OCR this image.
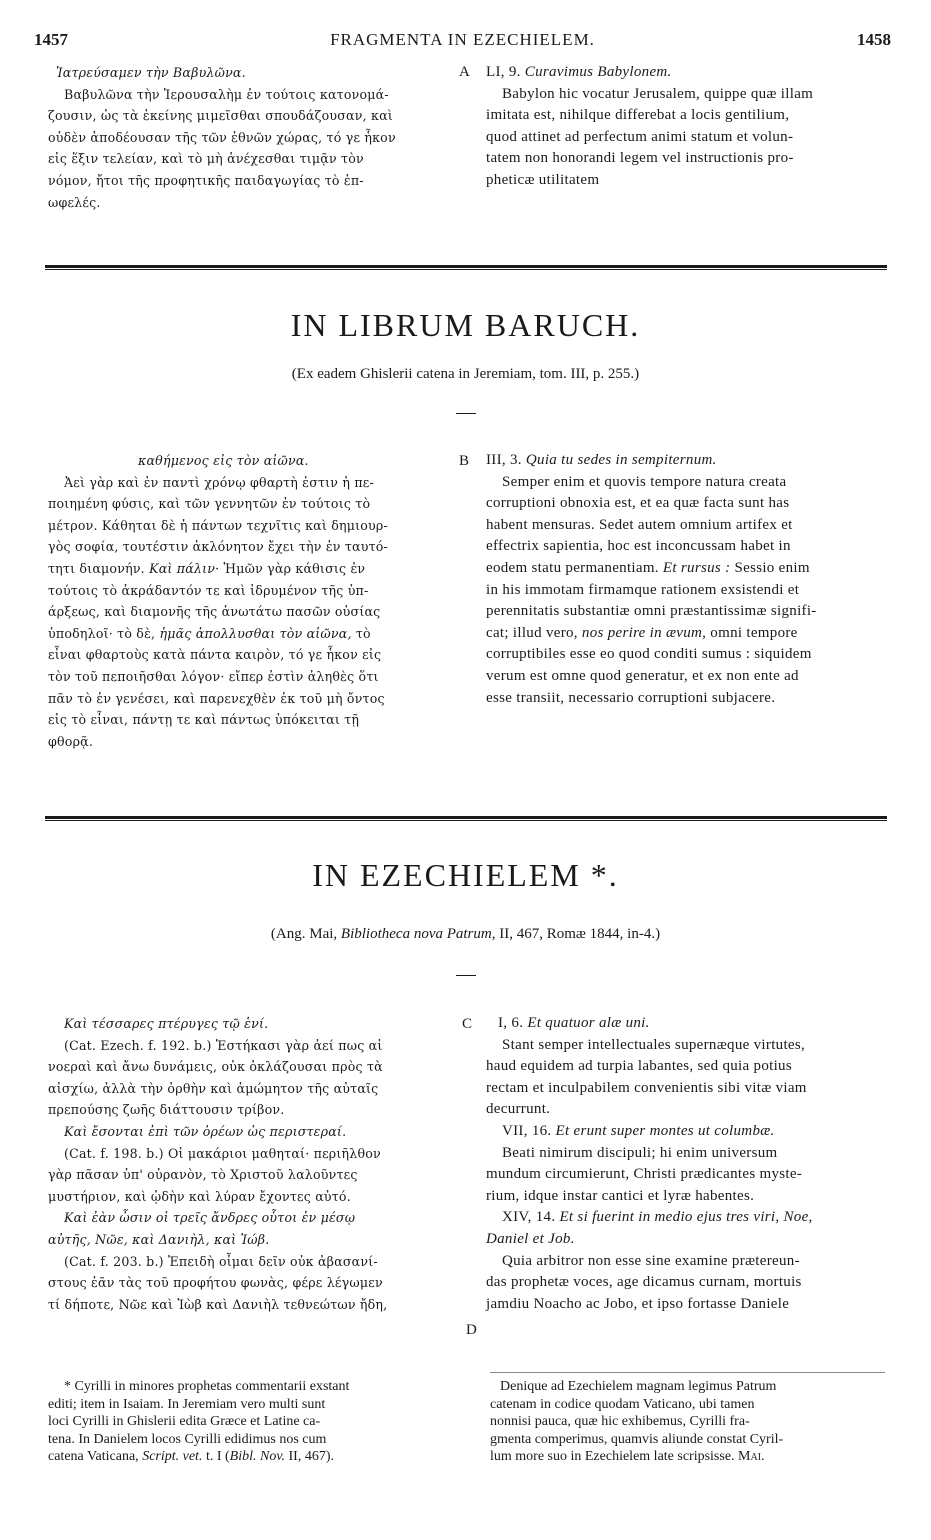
1457	FRAGMENTA IN EZECHIELEM.	1458

Ἰατρεύσαμεν τὴν Βαβυλῶνα.

Βαβυλῶνα τὴν Ἱερουσαλὴμ ἐν τούτοις κατονομά-

ζουσιν, ὡς τὰ ἐκείνης μιμεῖσθαι σπουδάζουσαν, καὶ

οὐδὲν ἀποδέουσαν τῆς τῶν ἐθνῶν χώρας, τό γε ἧκον

εἰς ἕξιν τελείαν, καὶ τὸ μὴ ἀνέχεσθαι τιμᾷν τὸν

νόμον, ἤτοι τῆς προφητικῆς παιδαγωγίας τὸ ἐπ-

ωφελές.

A LI, 9. Curavimus Babylonem.

Babylon hic vocatur Jerusalem, quippe quæ illam

imitata est, nihilque differebat a locis gentilium,

quod attinet ad perfectum animi statum et volun-

tatem non honorandi legem vel instructionis pro-

pheticæ utilitatem

IN LIBRUM BARUCH.
(Ex eadem Ghislerii catena in Jeremiam, tom. III, p. 255.)

καθήμενος εἰς τὸν αἰῶνα.

Ἀεὶ γὰρ καὶ ἐν παντὶ χρόνῳ φθαρτὴ ἐστιν ἡ πε-

ποιημένη φύσις, καὶ τῶν γεννητῶν ἐν τούτοις τὸ

μέτρον. Κάθηται δὲ ἡ πάντων τεχνῖτις καὶ δημιουρ-

γὸς σοφία, τουτέστιν ἀκλόνητον ἔχει τὴν ἐν ταυτό-

τητι διαμονήν. Καὶ πάλιν· Ἡμῶν γὰρ κάθισις ἐν

τούτοις τὸ ἀκράδαντόν τε καὶ ἱδρυμένον τῆς ὑπ-

άρξεως, καὶ διαμονῆς τῆς ἀνωτάτω πασῶν οὐσίας

ὑποδηλοῖ· τὸ δὲ, ἡμᾶς ἀπολλυσθαι τὸν αἰῶνα, τὸ

εἶναι φθαρτοὺς κατὰ πάντα καιρὸν, τό γε ἧκον εἰς

τὸν τοῦ πεποιῆσθαι λόγον· εἴπερ ἐστὶν ἀληθὲς ὅτι

πᾶν τὸ ἐν γενέσει, καὶ παρενεχθὲν ἐκ τοῦ μὴ ὄντος

εἰς τὸ εἶναι, πάντῃ τε καὶ πάντως ὑπόκειται τῇ

φθορᾷ.

B III, 3. Quia tu sedes in sempiternum.

Semper enim et quovis tempore natura creata

corruptioni obnoxia est, et ea quæ facta sunt has

habent mensuras. Sedet autem omnium artifex et

effectrix sapientia, hoc est inconcussam habet in

eodem statu permanentiam. Et rursus : Sessio enim

in his immotam firmamque rationem exsistendi et

perennitatis substantiæ omni præstantissimæ signifi-

cat; illud vero, nos perire in ævum, omni tempore

corruptibiles esse eo quod conditi sumus : siquidem

verum est omne quod generatur, et ex non ente ad

esse transiit, necessario corruptioni subjacere.

IN EZECHIELEM *.
(Ang. Mai, Bibliotheca nova Patrum, II, 467, Romæ 1844, in-4.)

Καὶ τέσσαρες πτέρυγες τῷ ἑνί.

(Cat. Ezech. f. 192. b.) Ἑστήκασι γὰρ ἀεί πως αἱ

νοεραὶ καὶ ἄνω δυνάμεις, οὐκ ὀκλάζουσαι πρὸς τὰ

αἰσχίω, ἀλλὰ τὴν ὀρθὴν καὶ ἀμώμητον τῆς αὐταῖς

πρεπούσης ζωῆς διάττουσιν τρίβον.

Καὶ ἔσονται ἐπὶ τῶν ὀρέων ὡς περιστεραί.

(Cat. f. 198. b.) Οἱ μακάριοι μαθηταί· περιῆλθον

γὰρ πᾶσαν ὑπ' οὐρανὸν, τὸ Χριστοῦ λαλοῦντες

μυστήριον, καὶ ᾠδὴν καὶ λύραν ἔχοντες αὐτό.

Καὶ ἐὰν ὦσιν οἱ τρεῖς ἄνδρες οὗτοι ἐν μέσῳ

αὐτῆς, Νῶε, καὶ Δανιὴλ, καὶ Ἰώβ.

(Cat. f. 203. b.) Ἐπειδὴ οἶμαι δεῖν οὐκ ἀβασανί-

στους ἐᾶν τὰς τοῦ προφήτου φωνὰς, φέρε λέγωμεν

τί δήποτε, Νῶε καὶ Ἰὼβ καὶ Δανιὴλ τεθνεώτων ἤδη,

C
D

I, 6. Et quatuor alæ uni.

Stant semper intellectuales supernæque virtutes,

haud equidem ad turpia labantes, sed quia potius

rectam et inculpabilem convenientis sibi vitæ viam

decurrunt.

VII, 16. Et erunt super montes ut columbæ.

Beati nimirum discipuli; hi enim universum

mundum circumierunt, Christi prædicantes myste-

rium, idque instar cantici et lyræ habentes.

XIV, 14. Et si fuerint in medio ejus tres viri, Noe,

Daniel et Job.

Quia arbitror non esse sine examine prætereun-

das prophetæ voces, age dicamus curnam, mortuis

jamdiu Noacho ac Jobo, et ipso fortasse Daniele

* Cyrilli in minores prophetas commentarii exstant

editi; item in Isaiam. In Jeremiam vero multi sunt

loci Cyrilli in Ghislerii edita Græce et Latine ca-

tena. In Danielem locos Cyrilli edidimus nos cum

catena Vaticana, Script. vet. t. I (Bibl. Nov. II, 467).

Denique ad Ezechielem magnam legimus Patrum

catenam in codice quodam Vaticano, ubi tamen

nonnisi pauca, quæ hic exhibemus, Cyrilli fra-

gmenta comperimus, quamvis aliunde constat Cyril-

lum more suo in Ezechielem late scripsisse. Mai.
